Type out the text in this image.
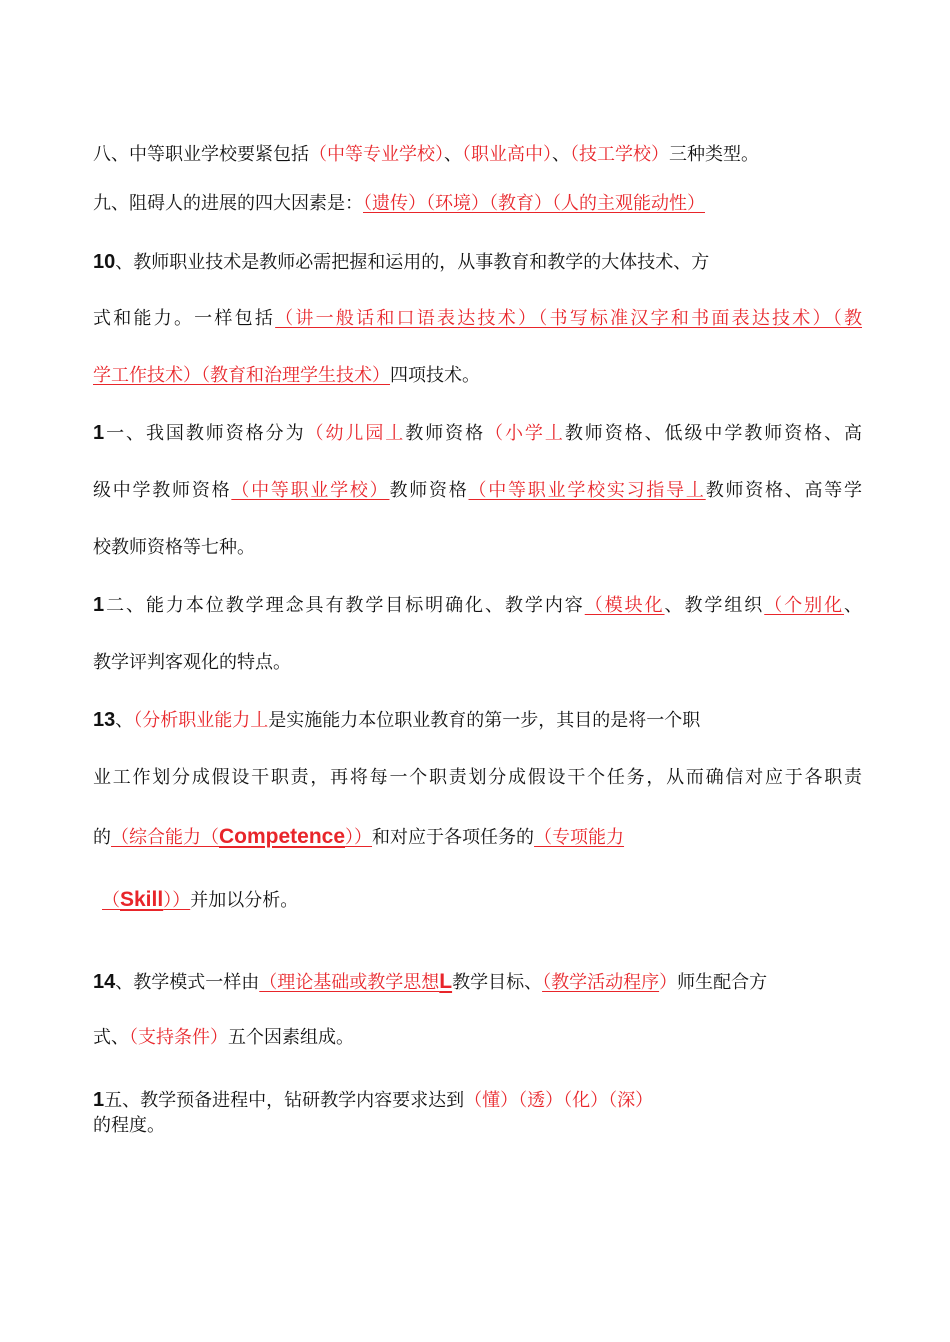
八、中等职业学校要紧包括（中等专业学校）、（职业高中）、（技工学校）三种类型。
九、阻碍人的进展的四大因素是：（遗传）（环境）（教育）（人的主观能动性）
10、教师职业技术是教师必需把握和运用的，从事教育和教学的大体技术、方
式和能力。一样包括（讲一般话和口语表达技术）（书写标准汉字和书面表达技术）（教
学工作技术）（教育和治理学生技术）四项技术。
1一、我国教师资格分为（幼儿园丄教师资格（小学丄教师资格、低级中学教师资格、高
级中学教师资格（中等职业学校）教师资格（中等职业学校实习指导丄教师资格、高等学
校教师资格等七种。
1二、能力本位教学理念具有教学目标明确化、教学内容（模块化、教学组织（个别化、
教学评判客观化的特点。
13、（分析职业能力丄是实施能力本位职业教育的第一步，其目的是将一个职
业工作划分成假设干职责，再将每一个职责划分成假设干个任务，从而确信对应于各职责
的（综合能力（Competence））和对应于各项任务的（专项能力
（Skill））并加以分析。
14、教学模式一样由（理论基础或教学思想L教学目标、（教学活动程序）师生配合方
式、（支持条件）五个因素组成。
1五、教学预备进程中，钻研教学内容要求达到（懂）（透）（化）（深）
的程度。
